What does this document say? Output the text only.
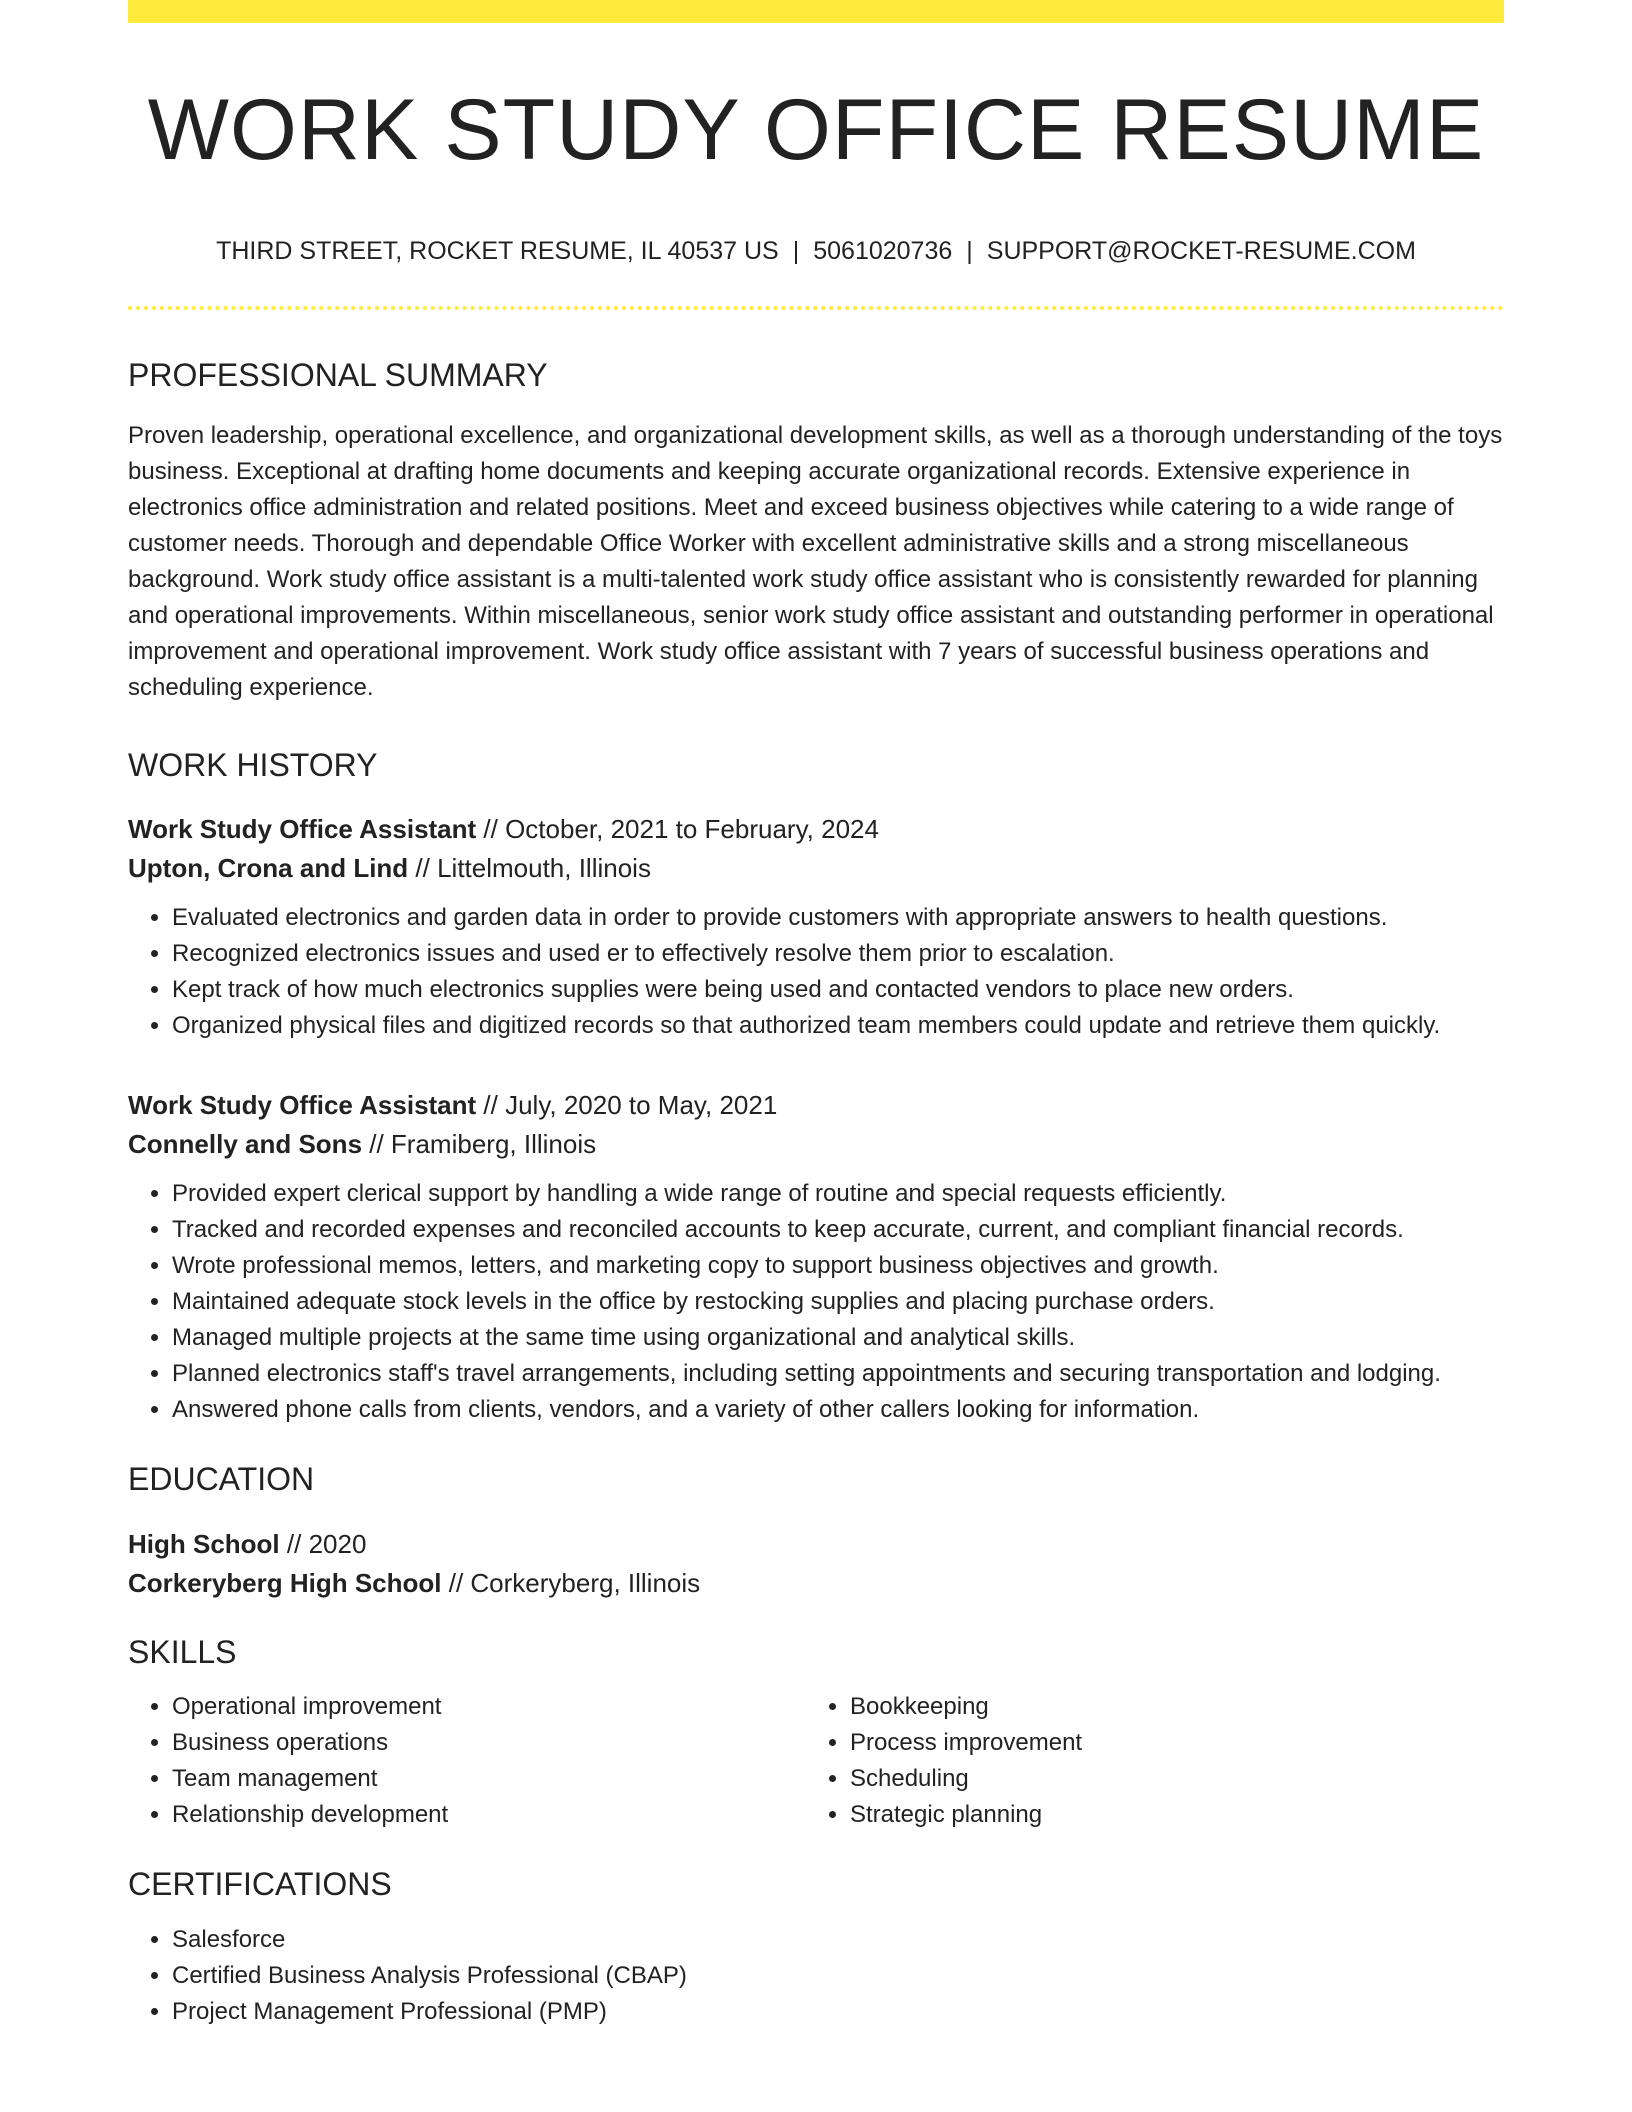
WORK STUDY OFFICE RESUME
THIRD STREET, ROCKET RESUME, IL 40537 US | 5061020736 | SUPPORT@ROCKET-RESUME.COM
PROFESSIONAL SUMMARY

Proven leadership, operational excellence, and organizational development skills, as well as a thorough understanding of the toys business. Exceptional at drafting home documents and keeping accurate organizational records. Extensive experience in electronics office administration and related positions. Meet and exceed business objectives while catering to a wide range of customer needs. Thorough and dependable Office Worker with excellent administrative skills and a strong miscellaneous background. Work study office assistant is a multi-talented work study office assistant who is consistently rewarded for planning and operational improvements. Within miscellaneous, senior work study office assistant and outstanding performer in operational improvement and operational improvement. Work study office assistant with 7 years of successful business operations and scheduling experience.

WORK HISTORY
Work Study Office Assistant // October, 2021 to February, 2024
Upton, Crona and Lind // Littelmouth, Illinois
• Evaluated electronics and garden data in order to provide customers with appropriate answers to health questions.
• Recognized electronics issues and used er to effectively resolve them prior to escalation.
• Kept track of how much electronics supplies were being used and contacted vendors to place new orders.
• Organized physical files and digitized records so that authorized team members could update and retrieve them quickly.
Work Study Office Assistant // July, 2020 to May, 2021
Connelly and Sons // Framiberg, Illinois
• Provided expert clerical support by handling a wide range of routine and special requests efficiently.
• Tracked and recorded expenses and reconciled accounts to keep accurate, current, and compliant financial records.
• Wrote professional memos, letters, and marketing copy to support business objectives and growth.
• Maintained adequate stock levels in the office by restocking supplies and placing purchase orders.
• Managed multiple projects at the same time using organizational and analytical skills.
• Planned electronics staff's travel arrangements, including setting appointments and securing transportation and lodging.
• Answered phone calls from clients, vendors, and a variety of other callers looking for information.
EDUCATION
High School // 2020
Corkeryberg High School // Corkeryberg, Illinois
SKILLS
• Operational improvement
• Business operations
• Team management
• Relationship development
• Bookkeeping
• Process improvement
• Scheduling
• Strategic planning
CERTIFICATIONS
• Salesforce
• Certified Business Analysis Professional (CBAP)
• Project Management Professional (PMP)
